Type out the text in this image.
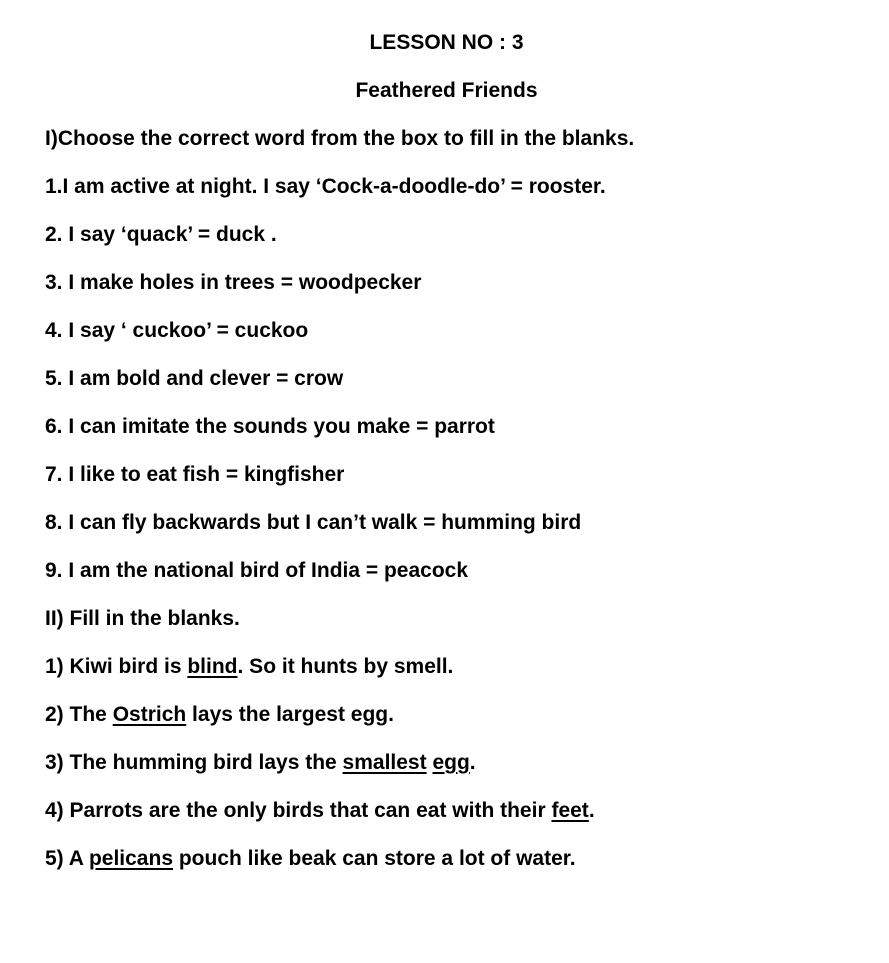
LESSON NO : 3
Feathered Friends
I)Choose the correct word from the box to fill in the blanks.
1.I am active at night. I say ‘Cock-a-doodle-do’ = rooster.
2. I say ‘quack’ = duck .
3. I make holes in trees = woodpecker
4. I say ‘ cuckoo’ = cuckoo
5. I am bold and clever = crow
6. I can imitate the sounds you make = parrot
7. I like to eat fish = kingfisher
8. I can fly backwards but I can’t walk = humming bird
9. I am the national bird of India = peacock
II) Fill in the blanks.
1) Kiwi bird is blind. So it hunts by smell.
2) The Ostrich lays the largest egg.
3) The humming bird lays the smallest egg.
4) Parrots are the only birds that can eat with their feet.
5) A pelicans pouch like beak can store a lot of water.
